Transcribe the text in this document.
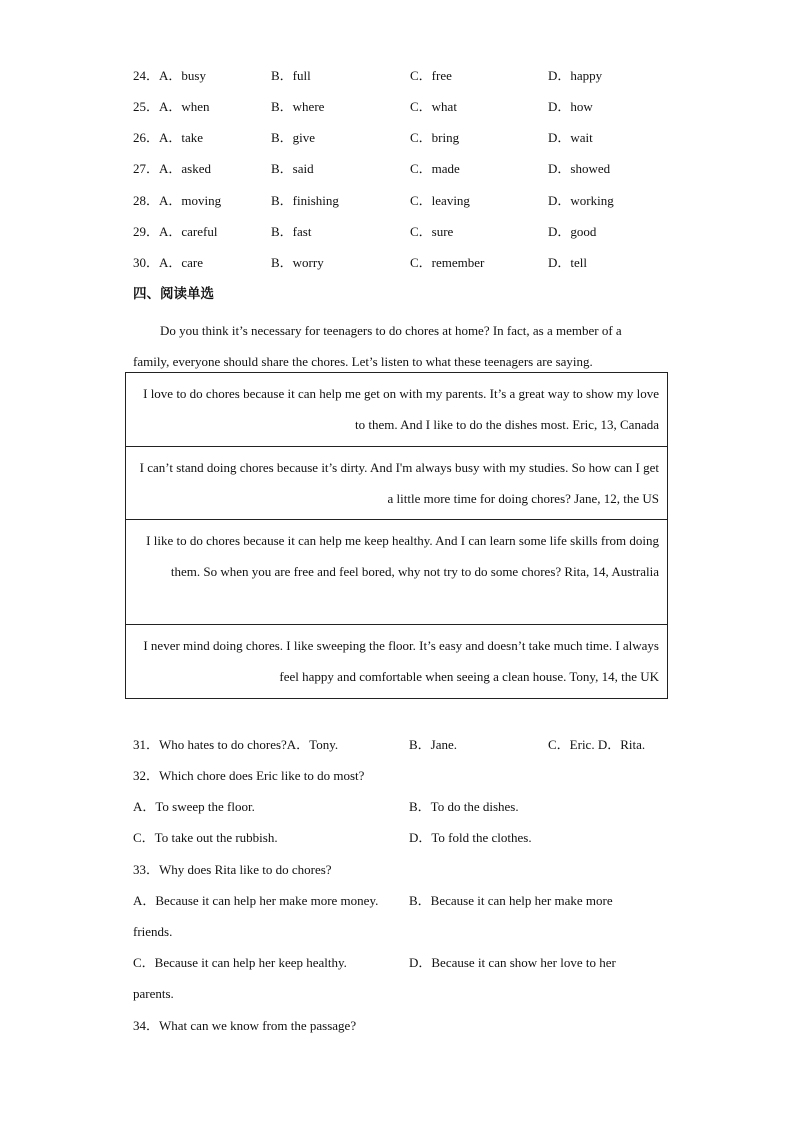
24．A．busy	B．full	C．free	D．happy
25．A．when	B．where	C．what	D．how
26．A．take	B．give	C．bring	D．wait
27．A．asked	B．said	C．made	D．showed
28．A．moving	B．finishing	C．leaving	D．working
29．A．careful	B．fast	C．sure	D．good
30．A．care	B．worry	C．remember	D．tell
四、阅读单选
Do you think it’s necessary for teenagers to do chores at home? In fact, as a member of a
family, everyone should share the chores. Let’s listen to what these teenagers are saying.
I love to do chores because it can help me get on with my parents. It’s a great way to show my love to them. And I like to do the dishes most. Eric, 13, Canada
I can’t stand doing chores because it’s dirty. And I'm always busy with my studies. So how can I get a little more time for doing chores? Jane, 12, the US
I like to do chores because it can help me keep healthy. And I can learn some life skills from doing them. So when you are free and feel bored, why not try to do some chores? Rita, 14, Australia
I never mind doing chores. I like sweeping the floor. It’s easy and doesn’t take much time. I always feel happy and comfortable when seeing a clean house. Tony, 14, the UK
31．Who hates to do chores?A．Tony.	B．Jane.	C．Eric. D．Rita.
32．Which chore does Eric like to do most?
A．To sweep the floor.	B．To do the dishes.
C．To take out the rubbish.	D．To fold the clothes.
33．Why does Rita like to do chores?
A．Because it can help her make more money. B．Because it can help her make more
friends.
C．Because it can help her keep healthy.	D．Because it can show her love to her
parents.
34．What can we know from the passage?
